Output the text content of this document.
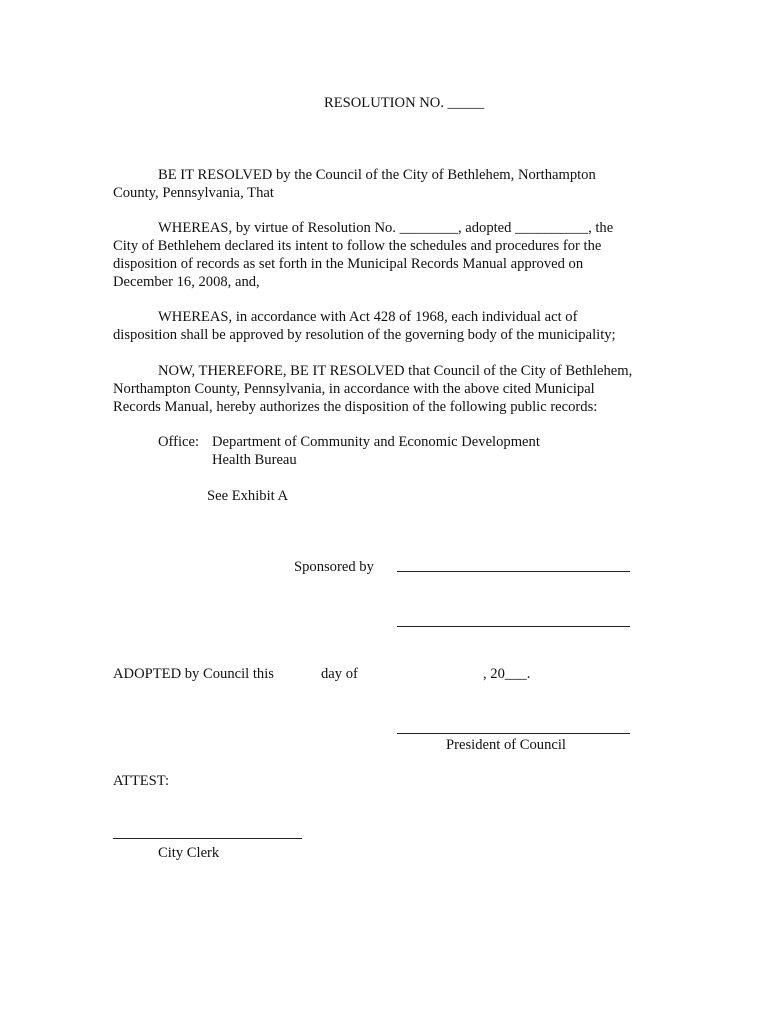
RESOLUTION NO. _____
BE IT RESOLVED by the Council of the City of Bethlehem, Northampton
County, Pennsylvania, That
WHEREAS, by virtue of Resolution No. ________, adopted __________, the
City of Bethlehem declared its intent to follow the schedules and procedures for the
disposition of records as set forth in the Municipal Records Manual approved on
December 16, 2008, and,
WHEREAS, in accordance with Act 428 of 1968, each individual act of
disposition shall be approved by resolution of the governing body of the municipality;
NOW, THEREFORE, BE IT RESOLVED that Council of the City of Bethlehem,
Northampton County, Pennsylvania, in accordance with the above cited Municipal
Records Manual, hereby authorizes the disposition of the following public records:
Office: Department of Community and Economic Development
Health Bureau
See Exhibit A
Sponsored by
ADOPTED by Council this	day of	, 20___.
President of Council
ATTEST:
City Clerk
